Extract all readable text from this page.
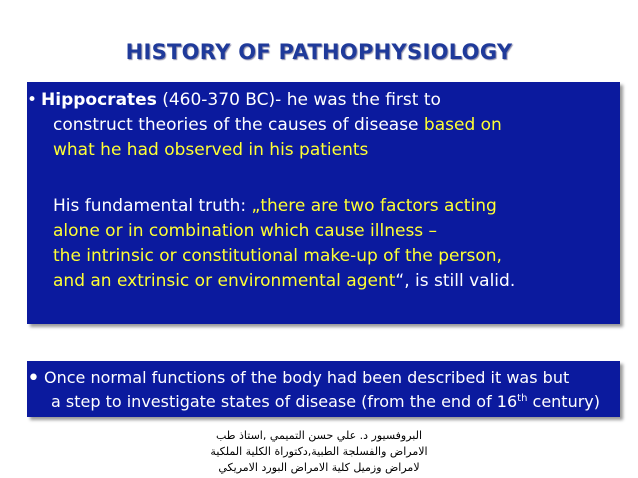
HISTORY OF PATHOPHYSIOLOGY
• Hippocrates (460-370 BC)- he was the first to
construct theories of the causes of disease based on
what he had observed in his patients
His fundamental truth: „there are two factors acting
alone or in combination which cause illness –
the intrinsic or constitutional make-up of the person,
and an extrinsic or environmental agent“, is still valid.
• Once normal functions of the body had been described it was but
a step to investigate states of disease (from the end of 16th century)
البروفسيور د. علي حسن التميمي ,استاذ طب
الامراض والفسلجة الطبية,دكتوراة الكلية الملكية
لامراض وزميل كلية الامراض البورد الامريكي
